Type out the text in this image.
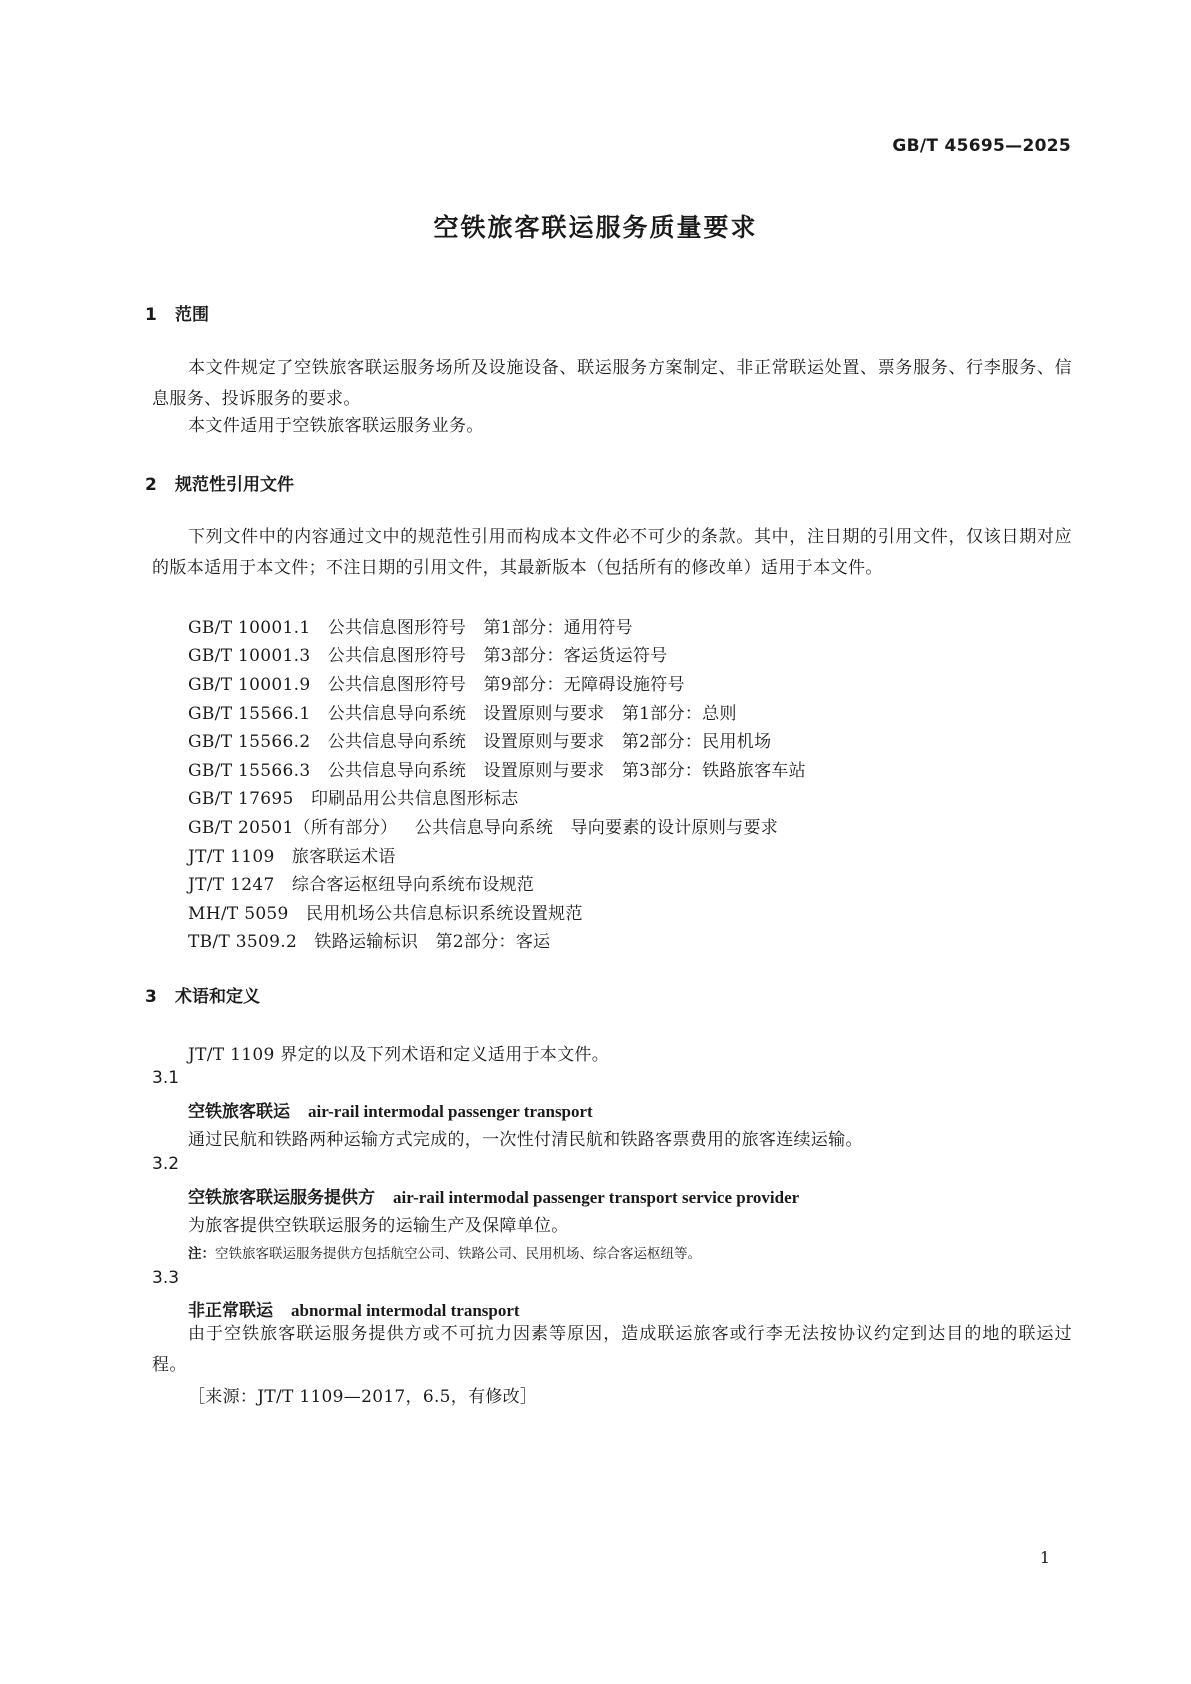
GB/T 45695—2025
空铁旅客联运服务质量要求
1 范围
本文件规定了空铁旅客联运服务场所及设施设备、联运服务方案制定、非正常联运处置、票务服务、行李服务、信息服务、投诉服务的要求。
本文件适用于空铁旅客联运服务业务。
2 规范性引用文件
下列文件中的内容通过文中的规范性引用而构成本文件必不可少的条款。其中，注日期的引用文件，仅该日期对应的版本适用于本文件；不注日期的引用文件，其最新版本（包括所有的修改单）适用于本文件。
GB/T 10001.1　 公共信息图形符号　第1部分：通用符号
GB/T 10001.3　 公共信息图形符号　第3部分：客运货运符号
GB/T 10001.9　 公共信息图形符号　第9部分：无障碍设施符号
GB/T 15566.1　 公共信息导向系统　设置原则与要求　第1部分：总则
GB/T 15566.2　 公共信息导向系统　设置原则与要求　第2部分：民用机场
GB/T 15566.3　 公共信息导向系统　设置原则与要求　第3部分：铁路旅客车站
GB/T 17695　 印刷品用公共信息图形标志
GB/T 20501（所有部分）　 公共信息导向系统　导向要素的设计原则与要求
JT/T 1109　 旅客联运术语
JT/T 1247　 综合客运枢纽导向系统布设规范
MH/T 5059　 民用机场公共信息标识系统设置规范
TB/T 3509.2　 铁路运输标识　第2部分：客运
3 术语和定义
JT/T 1109 界定的以及下列术语和定义适用于本文件。
3.1
空铁旅客联运 air-rail intermodal passenger transport
通过民航和铁路两种运输方式完成的，一次性付清民航和铁路客票费用的旅客连续运输。
3.2
空铁旅客联运服务提供方 air-rail intermodal passenger transport service provider
为旅客提供空铁联运服务的运输生产及保障单位。
注：空铁旅客联运服务提供方包括航空公司、铁路公司、民用机场、综合客运枢纽等。
3.3
非正常联运 abnormal intermodal transport
由于空铁旅客联运服务提供方或不可抗力因素等原因，造成联运旅客或行李无法按协议约定到达目的地的联运过程。
［来源：JT/T 1109—2017，6.5，有修改］
1
